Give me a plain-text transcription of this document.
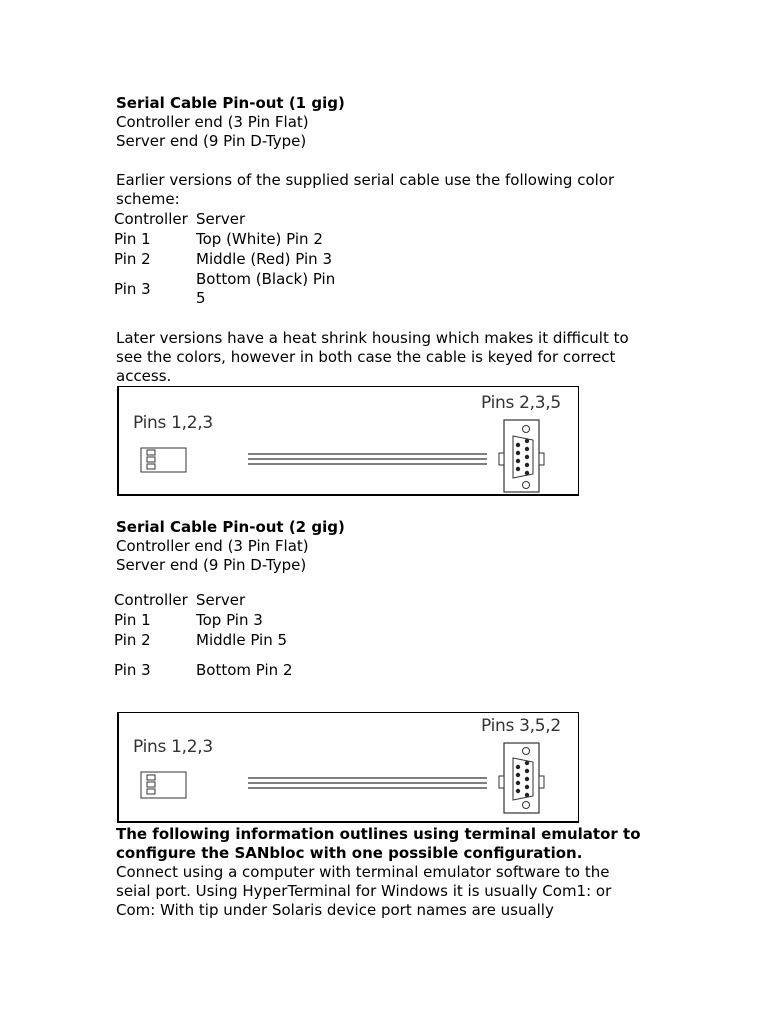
Serial Cable Pin-out (1 gig)
Controller end (3 Pin Flat)
Server end (9 Pin D-Type)
Earlier versions of the supplied serial cable use the following color scheme:
Controller	Server
Pin 1	Top (White) Pin 2
Pin 2	Middle (Red) Pin 3
Pin 3	Bottom (Black) Pin 5
Later versions have a heat shrink housing which makes it difficult to see the colors, however in both case the cable is keyed for correct access.
Pins 1,2,3
Pins 2,3,5
Serial Cable Pin-out (2 gig)
Controller end (3 Pin Flat)
Server end (9 Pin D-Type)
Controller	Server
Pin 1	Top Pin 3
Pin 2	Middle Pin 5
Pin 3	Bottom Pin 2
Pins 1,2,3
Pins 3,5,2
The following information outlines using terminal emulator to configure the SANbloc with one possible configuration.
Connect using a computer with terminal emulator software to the seial port. Using HyperTerminal for Windows it is usually Com1: or Com: With tip under Solaris device port names are usually
